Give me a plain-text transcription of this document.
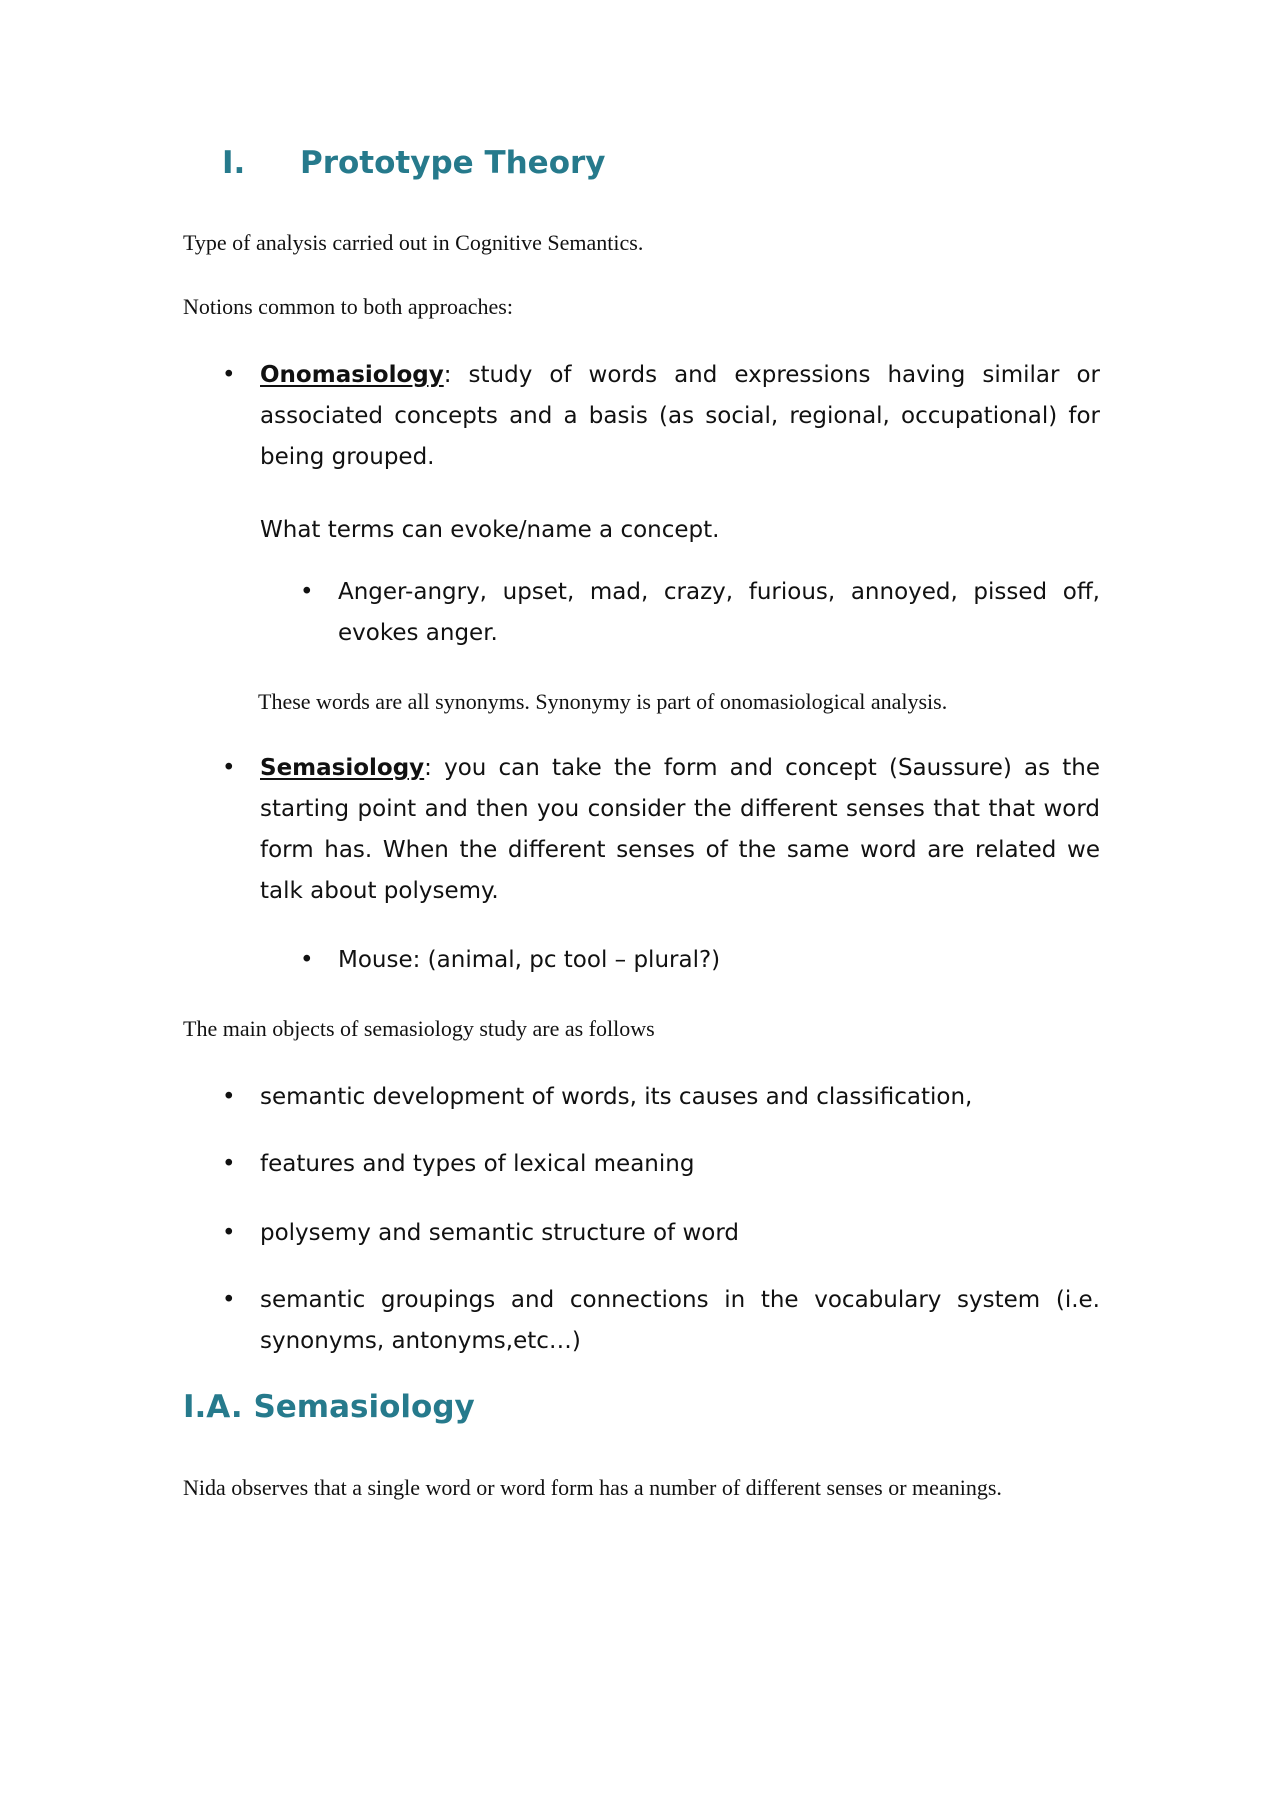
I. Prototype Theory

Type of analysis carried out in Cognitive Semantics.

Notions common to both approaches:

• Onomasiology: study of words and expressions having similar or associated concepts and a basis (as social, regional, occupational) for being grouped.

What terms can evoke/name a concept.

• Anger-angry, upset, mad, crazy, furious, annoyed, pissed off, evokes anger.

These words are all synonyms. Synonymy is part of onomasiological analysis.

• Semasiology: you can take the form and concept (Saussure) as the starting point and then you consider the different senses that that word form has. When the different senses of the same word are related we talk about polysemy.

• Mouse: (animal, pc tool – plural?)

The main objects of semasiology study are as follows

• semantic development of words, its causes and classification,

• features and types of lexical meaning

• polysemy and semantic structure of word

• semantic groupings and connections in the vocabulary system (i.e. synonyms, antonyms,etc…)

I.A. Semasiology

Nida observes that a single word or word form has a number of different senses or meanings.
